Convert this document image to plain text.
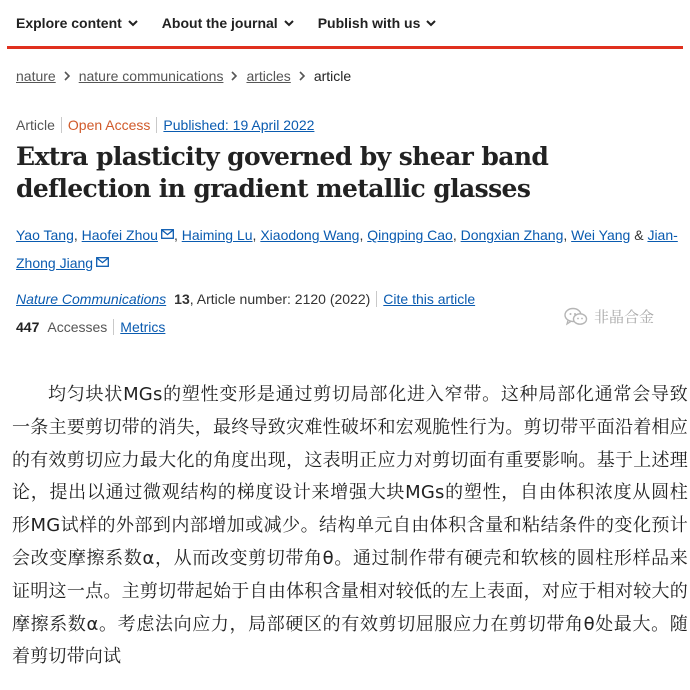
Explore content	About the journal	Publish with us
nature nature communications articles article
Article Open Access Published: 19 April 2022
Extra plasticity governed by shear band deflection in gradient metallic glasses
Yao Tang, Haofei Zhou , Haiming Lu, Xiaodong Wang, Qingping Cao, Dongxian Zhang, Wei Yang & Jian-Zhong Jiang
Nature Communications 13 , Article number: 2120 (2022) Cite this article
447 Accesses Metrics
非晶合金

均匀块状MGs的塑性变形是通过剪切局部化进入窄带。这种局部化通常会导致一条主要剪切带的消失，最终导致灾难性破坏和宏观脆性行为。剪切带平面沿着相应的有效剪切应力最大化的角度出现，这表明正应力对剪切面有重要影响。基于上述理论，提出以通过微观结构的梯度设计来增强大块MGs的塑性，自由体积浓度从圆柱形MG试样的外部到内部增加或减少。结构单元自由体积含量和粘结条件的变化预计会改变摩擦系数α，从而改变剪切带角θ。通过制作带有硬壳和软核的圆柱形样品来证明这一点。主剪切带起始于自由体积含量相对较低的左上表面，对应于相对较大的摩擦系数α。考虑法向应力，局部硬区的有效剪切屈服应力在剪切带角θ处最大。随着剪切带向试
